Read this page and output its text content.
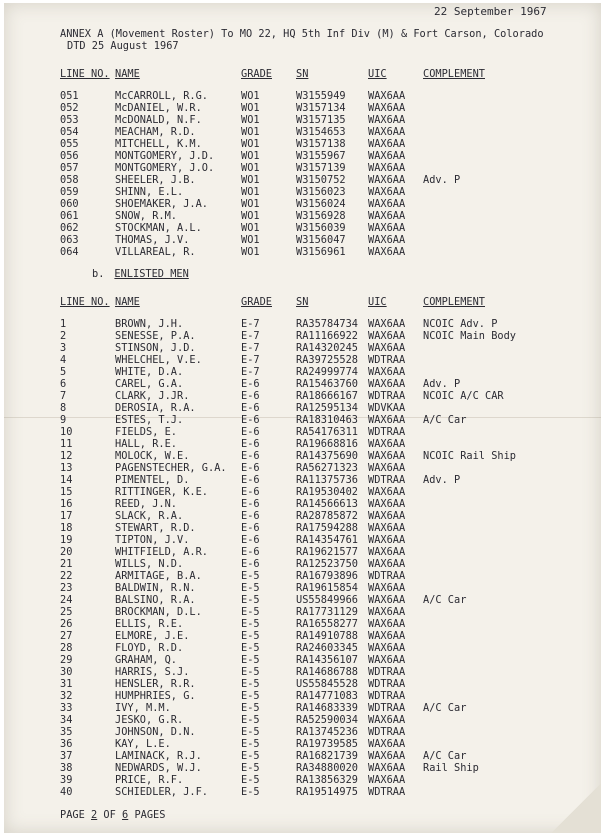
22 September 1967
ANNEX A (Movement Roster) To MO 22, HQ 5th Inf Div (M) & Fort Carson, Colorado
DTD 25 August 1967
LINE NO. NAME	GRADE SN	UIC	COMPLEMENT
051	McCARROLL, R.G.	WO1	W3155949 WAX6AA
052	McDANIEL, W.R.	WO1	W3157134 WAX6AA
053	McDONALD, N.F.	WO1	W3157135 WAX6AA
054	MEACHAM, R.D.	WO1	W3154653 WAX6AA
055	MITCHELL, K.M.	WO1	W3157138 WAX6AA
056	MONTGOMERY, J.D.	WO1	W3155967 WAX6AA
057	MONTGOMERY, J.O.	WO1	W3157139 WAX6AA
058	SHEELER, J.B.	WO1	W3150752 WAX6AA Adv. P
059	SHINN, E.L.	WO1	W3156023 WAX6AA
060	SHOEMAKER, J.A.	WO1	W3156024 WAX6AA
061	SNOW, R.M.	WO1	W3156928 WAX6AA
062	STOCKMAN, A.L.	WO1	W3156039 WAX6AA
063	THOMAS, J.V.	WO1	W3156047 WAX6AA
064	VILLAREAL, R.	WO1	W3156961 WAX6AA
b. ENLISTED MEN
LINE NO. NAME	GRADE SN	UIC	COMPLEMENT
1	BROWN, J.H.	E-7	RA35784734 WAX6AA NCOIC Adv. P
2	SENESSE, P.A.	E-7	RA11166922 WAX6AA NCOIC Main Body
3	STINSON, J.D.	E-7	RA14320245 WAX6AA
4	WHELCHEL, V.E.	E-7	RA39725528 WDTRAA
5	WHITE, D.A.	E-7	RA24999774 WAX6AA
6	CAREL, G.A.	E-6	RA15463760 WAX6AA Adv. P
7	CLARK, J.JR.	E-6	RA18666167 WDTRAA NCOIC A/C CAR
8	DEROSIA, R.A.	E-6	RA12595134 WDVKAA
9	ESTES, T.J.	E-6	RA18310463 WAX6AA A/C Car
10	FIELDS, E.	E-6	RA54176311 WDTRAA
11	HALL, R.E.	E-6	RA19668816 WAX6AA
12	MOLOCK, W.E.	E-6	RA14375690 WAX6AA NCOIC Rail Ship
13	PAGENSTECHER, G.A. E-6	RA56271323 WAX6AA
14	PIMENTEL, D.	E-6	RA11375736 WDTRAA Adv. P
15	RITTINGER, K.E.	E-6	RA19530402 WAX6AA
16	REED, J.N.	E-6	RA14566613 WAX6AA
17	SLACK, R.A.	E-6	RA28785872 WAX6AA
18	STEWART, R.D.	E-6	RA17594288 WAX6AA
19	TIPTON, J.V.	E-6	RA14354761 WAX6AA
20	WHITFIELD, A.R.	E-6	RA19621577 WAX6AA
21	WILLS, N.D.	E-6	RA12523750 WAX6AA
22	ARMITAGE, B.A.	E-5	RA16793896 WDTRAA
23	BALDWIN, R.N.	E-5	RA19615854 WAX6AA
24	BALSINO, R.A.	E-5	US55849966 WAX6AA A/C Car
25	BROCKMAN, D.L.	E-5	RA17731129 WAX6AA
26	ELLIS, R.E.	E-5	RA16558277 WAX6AA
27	ELMORE, J.E.	E-5	RA14910788 WAX6AA
28	FLOYD, R.D.	E-5	RA24603345 WAX6AA
29	GRAHAM, Q.	E-5	RA14356107 WAX6AA
30	HARRIS, S.J.	E-5	RA14686788 WDTRAA
31	HENSLER, R.R.	E-5	US55845528 WDTRAA
32	HUMPHRIES, G.	E-5	RA14771083 WDTRAA
33	IVY, M.M.	E-5	RA14683339 WDTRAA A/C Car
34	JESKO, G.R.	E-5	RA52590034 WAX6AA
35	JOHNSON, D.N.	E-5	RA13745236 WDTRAA
36	KAY, L.E.	E-5	RA19739585 WAX6AA
37	LAMINACK, R.J.	E-5	RA16821739 WAX6AA A/C Car
38	NEDWARDS, W.J.	E-5	RA34880020 WAX6AA Rail Ship
39	PRICE, R.F.	E-5	RA13856329 WAX6AA
40	SCHIEDLER, J.F.	E-5	RA19514975 WDTRAA
PAGE 2 OF 6 PAGES
